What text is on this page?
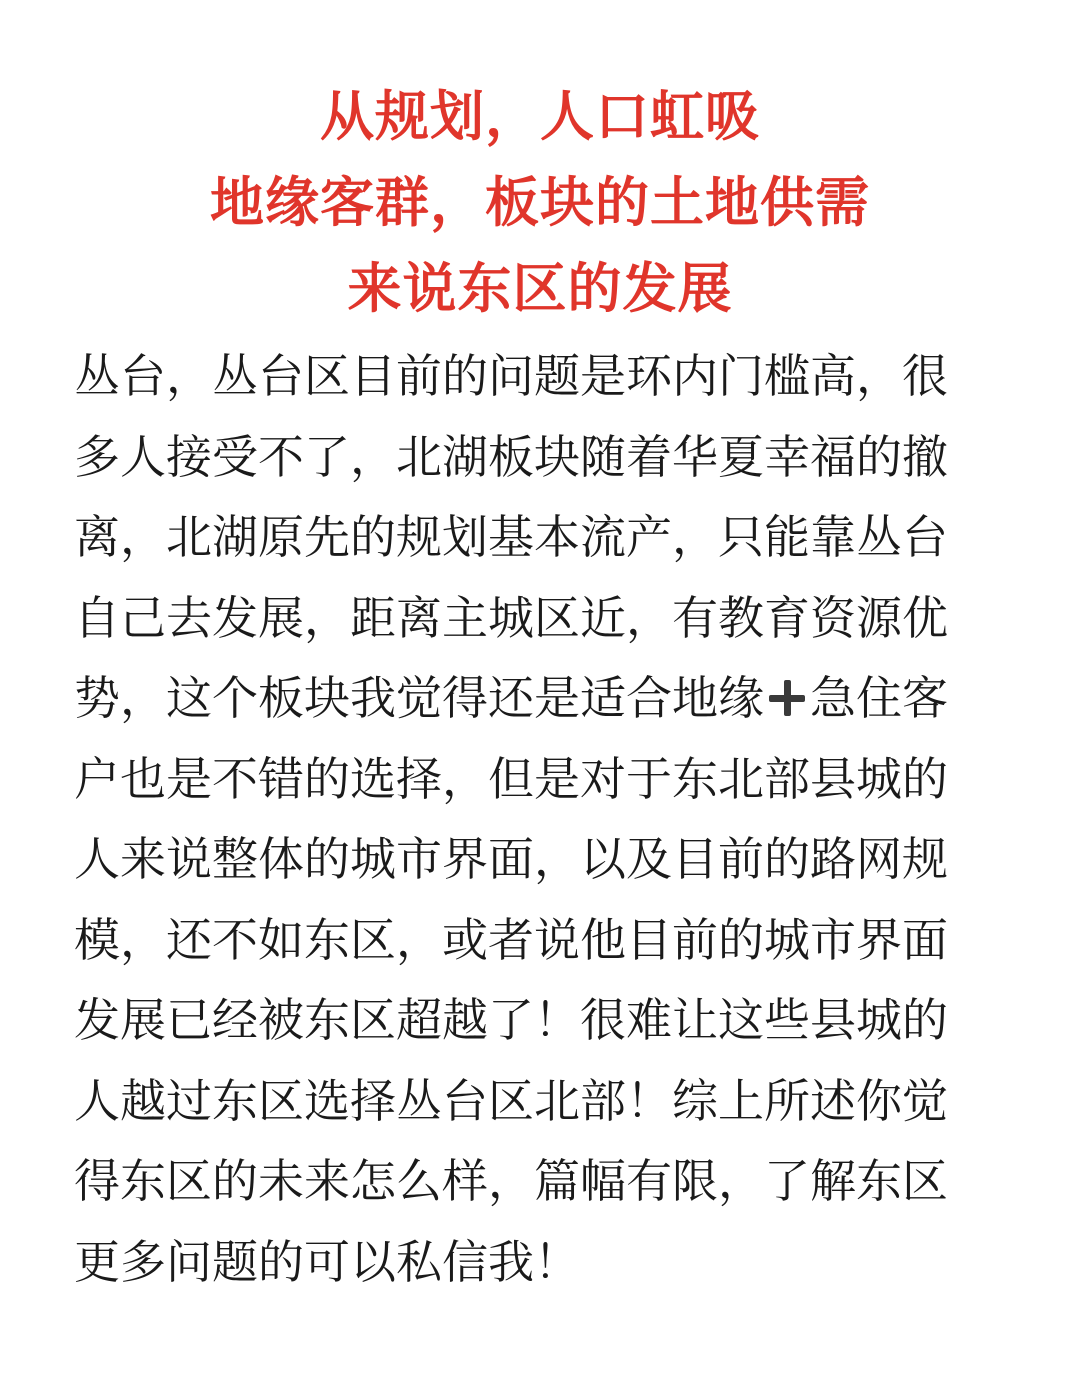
从规划，人口虹吸
地缘客群，板块的土地供需
来说东区的发展
丛台，丛台区目前的问题是环内门槛高，很
多人接受不了，北湖板块随着华夏幸福的撤
离，北湖原先的规划基本流产，只能靠丛台
自己去发展，距离主城区近，有教育资源优
势，这个板块我觉得还是适合地缘 急住客
户也是不错的选择，但是对于东北部县城的
人来说整体的城市界面，以及目前的路网规
模，还不如东区，或者说他目前的城市界面
发展已经被东区超越了！很难让这些县城的
人越过东区选择丛台区北部！综上所述你觉
得东区的未来怎么样，篇幅有限，了解东区
更多问题的可以私信我！
